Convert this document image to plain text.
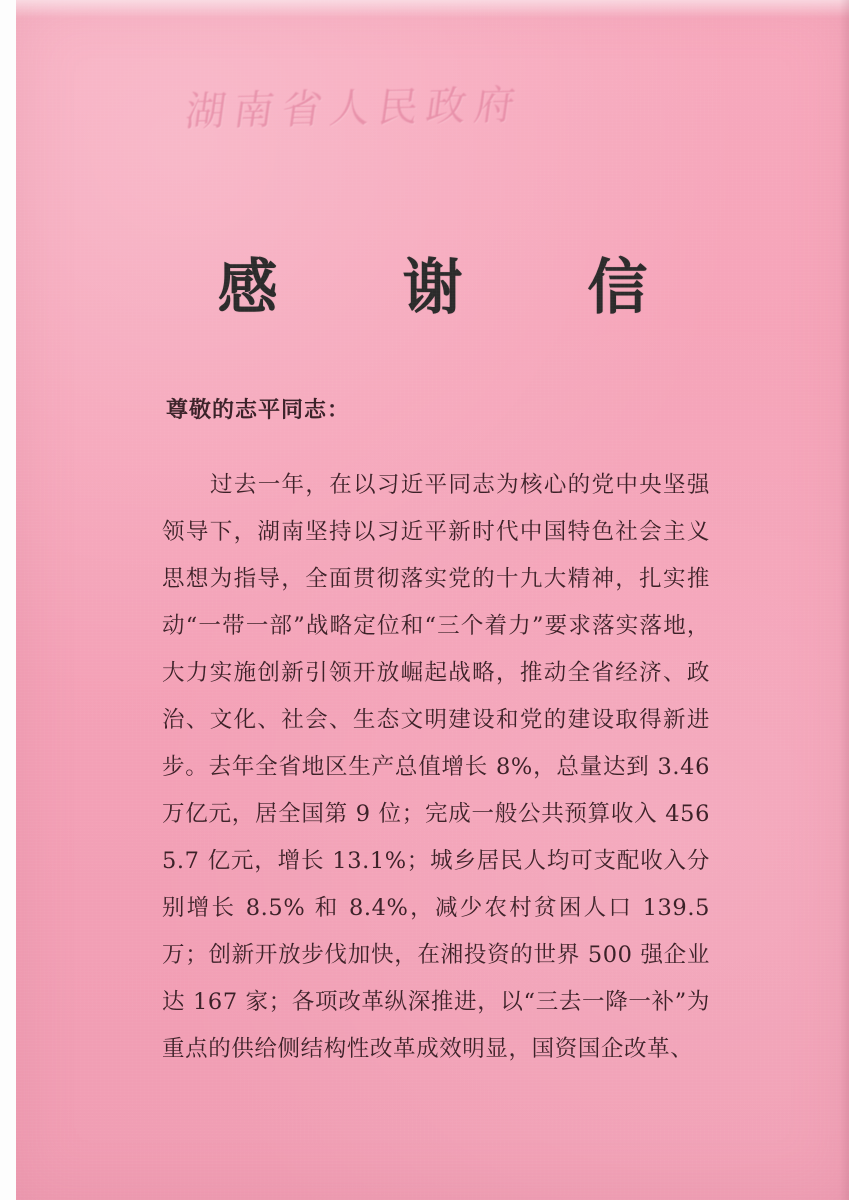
湖南省人民政府
感 谢 信
尊敬的志平同志：
过去一年，在以习近平同志为核心的党中央坚强领导下，湖南坚持以习近平新时代中国特色社会主义思想为指导，全面贯彻落实党的十九大精神，扎实推动“一带一部”战略定位和“三个着力”要求落实落地，大力实施创新引领开放崛起战略，推动全省经济、政治、文化、社会、生态文明建设和党的建设取得新进步。去年全省地区生产总值增长 8%，总量达到 3.46 万亿元，居全国第 9 位；完成一般公共预算收入 4565.7 亿元，增长 13.1%；城乡居民人均可支配收入分别增长 8.5% 和 8.4%，减少农村贫困人口 139.5 万；创新开放步伐加快，在湘投资的世界 500 强企业达 167 家；各项改革纵深推进，以“三去一降一补”为重点的供给侧结构性改革成效明显，国资国企改革、
